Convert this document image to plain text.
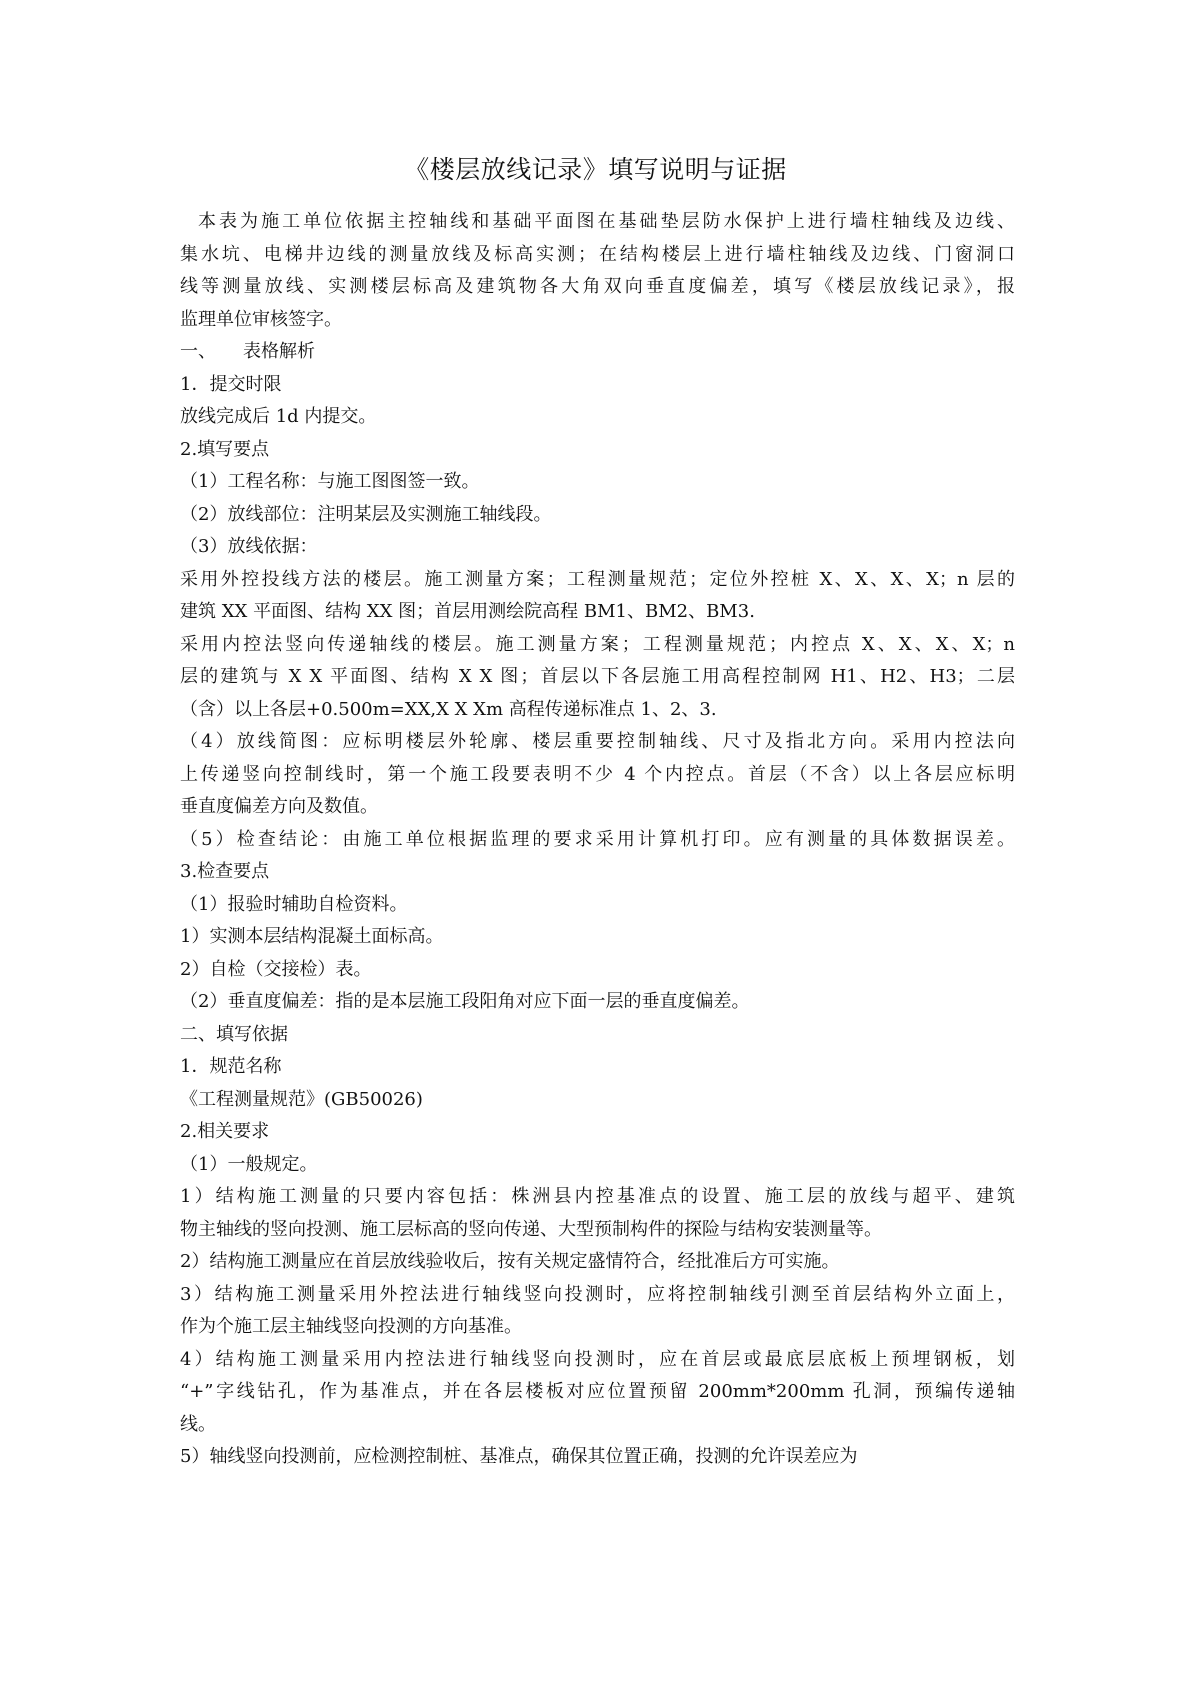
《楼层放线记录》填写说明与证据
本表为施工单位依据主控轴线和基础平面图在基础垫层防水保护上进行墙柱轴线及边线、
集水坑、电梯井边线的测量放线及标高实测；在结构楼层上进行墙柱轴线及边线、门窗洞口
线等测量放线、实测楼层标高及建筑物各大角双向垂直度偏差，填写《楼层放线记录》，报
监理单位审核签字。
一、　　表格解析
1．提交时限
放线完成后 1d 内提交。
2.填写要点
（1）工程名称：与施工图图签一致。
（2）放线部位：注明某层及实测施工轴线段。
（3）放线依据：
采用外控投线方法的楼层。施工测量方案；工程测量规范；定位外控桩 X、X、X、X；n 层的
建筑 XX 平面图、结构 XX 图；首层用测绘院高程 BM1、BM2、BM3.
采用内控法竖向传递轴线的楼层。施工测量方案；工程测量规范；内控点 X、X、X、X；n
层的建筑与 X X 平面图、结构 X X 图；首层以下各层施工用高程控制网 H1、H2、H3；二层
（含）以上各层+0.500m=XX,X X Xm 高程传递标准点 1、2、3.
（4）放线简图：应标明楼层外轮廓、楼层重要控制轴线、尺寸及指北方向。采用内控法向
上传递竖向控制线时，第一个施工段要表明不少 4 个内控点。首层（不含）以上各层应标明
垂直度偏差方向及数值。
（5）检查结论：由施工单位根据监理的要求采用计算机打印。应有测量的具体数据误差。
3.检查要点
（1）报验时辅助自检资料。
1）实测本层结构混凝土面标高。
2）自检（交接检）表。
（2）垂直度偏差：指的是本层施工段阳角对应下面一层的垂直度偏差。
二、填写依据
1．规范名称
《工程测量规范》(GB50026)
2.相关要求
（1）一般规定。
1）结构施工测量的只要内容包括：株洲县内控基准点的设置、施工层的放线与超平、建筑
物主轴线的竖向投测、施工层标高的竖向传递、大型预制构件的探险与结构安装测量等。
2）结构施工测量应在首层放线验收后，按有关规定盛情符合，经批准后方可实施。
3）结构施工测量采用外控法进行轴线竖向投测时，应将控制轴线引测至首层结构外立面上，
作为个施工层主轴线竖向投测的方向基准。
4）结构施工测量采用内控法进行轴线竖向投测时，应在首层或最底层底板上预埋钢板，划
“+”字线钻孔，作为基准点，并在各层楼板对应位置预留 200mm*200mm 孔洞，预编传递轴
线。
5）轴线竖向投测前，应检测控制桩、基准点，确保其位置正确，投测的允许误差应为
